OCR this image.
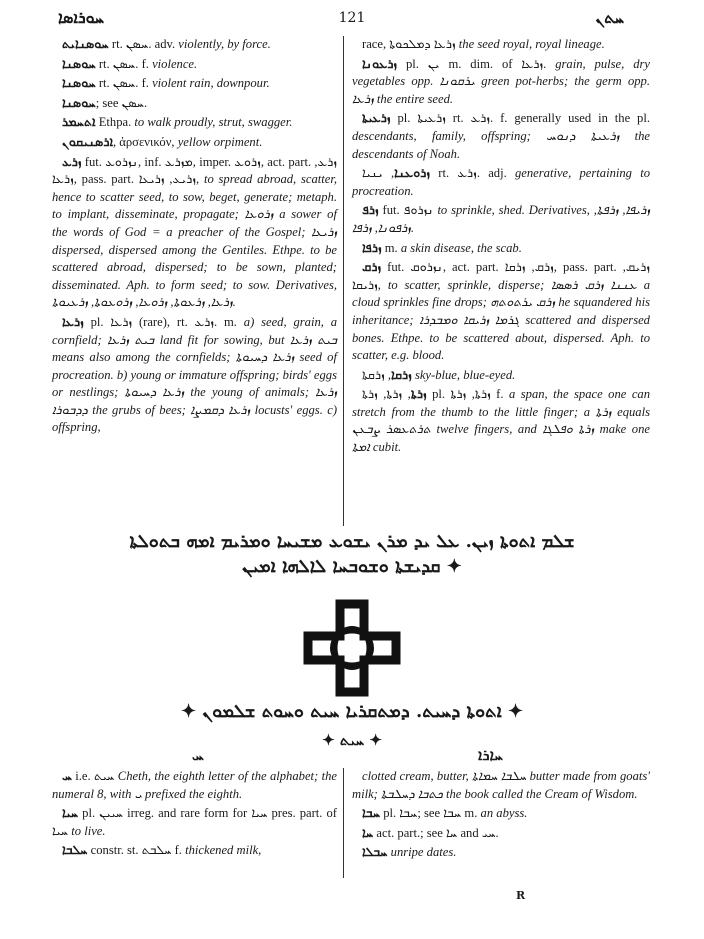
ܚܘܪܐܣܐ	121	ܚܬܢ
ܚܘܣܢܐܝܬ rt. ܚܣܢ. adv. violently, by force.
ܚܘܣܢܐ rt. ܚܣܢ. f. violence.
ܚܘܣܢܐ rt. ܚܣܢ. f. violent rain, downpour.
ܚܘܣܢܐ; see ܚܣܢ.
ܐܬܚܡܪ Ethpa. to walk proudly, strut, swagger.
ܐܪܣܢܝܩܘܢ, ἀρσενικόν, yellow orpiment.
ܙܪܥ fut. ܢܙܪܘܥ, inf. ܡܙܪܥ, imper. ܙܪܘܥ, act. part. ܙܪܥ, ܙܪܥܐ, pass. part. ܙܪܝܥ, ܙܪܝܥܐ, to spread abroad, scatter, hence to scatter seed, to sow, beget, generate; metaph. to implant, disseminate, propagate; ܙܪܘܥܐ a sower of the words of God = a preacher of the Gospel; ܙܪܝܥܐ dispersed, dispersed among the Gentiles. Ethpe. to be scattered abroad, dispersed; to be sown, planted; disseminated. Aph. to form seed; to sow. Derivatives, ܙܪܥܐ, ܙܪܥܘܬܐ, ܙܪܘܥܐ, ܙܪܘܥܘܬܐ, ܙܪܥܝܘܬܐ.
ܙܪܥܐ pl. ܙܪܥܐ (rare), rt. ܙܪܥ. m. a) seed, grain, a cornfield; ܒܝܬ ܙܪܥܐ land fit for sowing, but ܒܝܬ ܙܪܥܐ means also among the cornfields; ܙܪܥܐ ܕܚܝܘܬܐ seed of procreation. b) young or immature offspring; birds' eggs or nestlings; ܙܪܥܐ ܕܚܝܘܬܐ the young of animals; ܙܪܥܐ ܕܕܒܘܪܐ the grubs of bees; ܙܪܥܐ ܕܩܡܨܐ locusts' eggs. c) offspring,
race, ܙܪܥܐ ܕܡܠܟܘܬܐ the seed royal, royal lineage.
ܙܪܥܘܢܐ pl. ܝܢ m. dim. of ܙܪܥܐ. grain, pulse, dry vegetables opp. ܝܪܩܘܢܐ green pot-herbs; the germ opp. ܙܪܥܐ the entire seed.
ܙܪܥܝܬܐ pl. ܙܪܥܝܬܐ rt. ܙܪܥ. f. generally used in the pl. descendants, family, offspring; ܙܪܥܝܬܐ ܕܢܘܚ the descendants of Noah.
ܙܪܘܥܢܐ, ܝܢܝܐ rt. ܙܪܥ. adj. generative, pertaining to procreation.
ܙܪܦ fut. ܢܙܪܘܦ to sprinkle, shed. Derivatives, ܙܪܝܦܐ, ܙܪܦܬܐ, ܙܪܦܘܢܐ, ܙܪܦܐ.
ܙܪܦܐ m. a skin disease, the scab.
ܙܪܩ fut. ܢܙܪܘܩ, act. part. ܙܪܩ, ܙܪܩܐ, pass. part. ܙܪܝܩ, ܙܪܝܩܐ, to scatter, sprinkle, disperse; ܥܢܢܐ ܙܪܩ ܪܣܣܐ a cloud sprinkles fine drops; ܙܪܩ ܝܪܬܘܬܗ he squandered his inheritance; ܓܪܡܐ ܙܪܝܩܐ ܘܡܒܕܪܐ scattered and dispersed bones. Ethpe. to be scattered about, dispersed. Aph. to scatter, e.g. blood.
ܙܪܩܐ, ܙܪܩܬܐ sky-blue, blue-eyed.
ܙܪܬܐ, ܙܪܬܐ, ܙܪܬܐ pl. ܙܪܬܐ, ܙܪܬܐ f. a span, the space one can stretch from the thumb to the little finger; a ܙܪܬܐ equals ܬܪܬܥܣܪ ܨܒܥܢ twelve fingers, and ܙܪܬܐ ܘܦܠܓܐ make one ܐܡܬܐ cubit.
ܫܠܡ ܐܬܘܬܐ ܙܝܢ. ܥܠ ܝܕ ܡܪܢ ܝܫܘܥ ܡܫܝܚܐ ܘܡܪܝܡ ܐܡܗ ܒܬܘܠܬܐ
ܩܕܝܫܬܐ ܘܫܘܒܚܐ ܠܐܠܗܐ ܐܡܝܢ ✦
✦ ܐܬܘܬܐ ܕܚܝܬ. ܕܡܬܩܪܝܐ ܚܝܬ ܘܚܘܬ ܫܠܡܘܢ ✦
✦ ܚܝܬ ✦
ܚ	ܚܐܪܐ
ܚ i.e. ܚܝܬ Cheth, the eighth letter of the alphabet; the numeral 8, with ܝ prefixed the eighth.
ܚܝܐ pl. ܚܝܝܢ irreg. and rare form for ܚܝܐ pres. part. of ܚܝܐ to live.
ܚܠܒܐ constr. st. ܚܠܒܬ f. thickened milk,
clotted cream, butter, ܚܠܒܐ ܚܡܐܬܐ butter made from goats' milk; ܟܬܒܐ ܕܚܠܒܬܐ the book called the Cream of Wisdom.
ܚܒܐ pl. ܚܒܐ; see ܚܒܐ m. an abyss.
ܚܐ act. part.; see ܚܐ and ܚܝ.
ܚܒܠܐ unripe dates.
R
